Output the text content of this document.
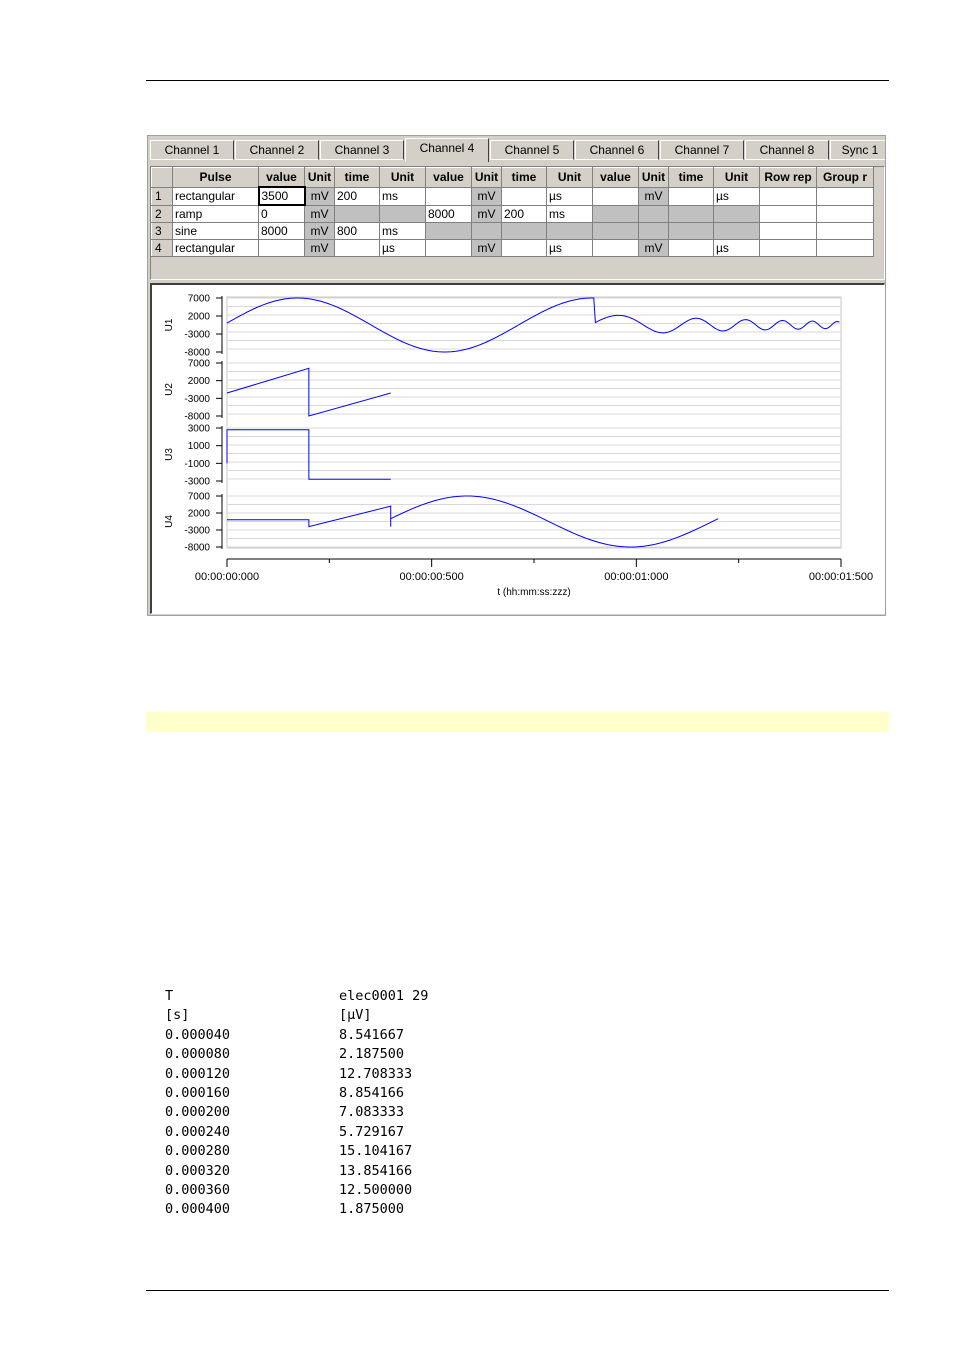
Channel 1	Channel 2	Channel 3	Channel 4	Channel 5	Channel 6	Channel 7	Channel 8	Sync 1
	Pulse	value	Unit	time	Unit	value	Unit	time	Unit	value	Unit	time	Unit	Row rep	Group r
1	rectangular	3500	mV	200	ms		mV		µs		mV		µs		
2	ramp	0	mV			8000	mV	200	ms						
3	sine	8000	mV	800	ms										
4	rectangular		mV		µs		mV		µs		mV		µs		
7000
2000
-3000
-8000
U1
7000
2000
-3000
-8000
U2
3000
1000
-1000
-3000
U3
7000
2000
-3000
-8000
U4
00:00:00:000	00:00:00:500	00:00:01:000	00:00:01:500
t (hh:mm:ss:zzz)
T	elec0001 29
[s]	[µV]
0.000040	8.541667
0.000080	2.187500
0.000120	12.708333
0.000160	8.854166
0.000200	7.083333
0.000240	5.729167
0.000280	15.104167
0.000320	13.854166
0.000360	12.500000
0.000400	1.875000
